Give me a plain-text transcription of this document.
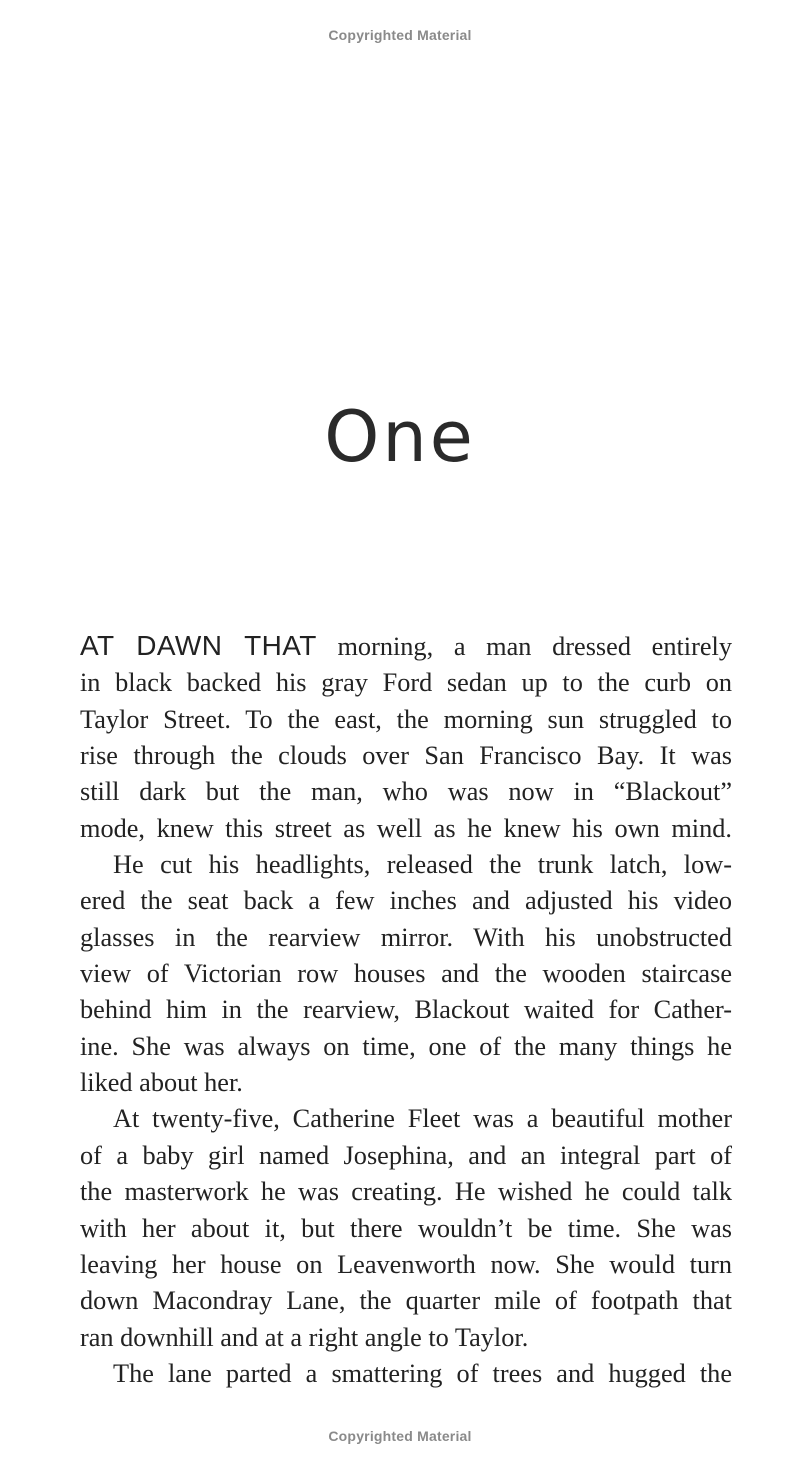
Copyrighted Material
One
AT DAWN THAT morning, a man dressed entirely
in black backed his gray Ford sedan up to the curb on
Taylor Street. To the east, the morning sun struggled to
rise through the clouds over San Francisco Bay. It was
still dark but the man, who was now in “Blackout”
mode, knew this street as well as he knew his own mind.
He cut his headlights, released the trunk latch, low-
ered the seat back a few inches and adjusted his video
glasses in the rearview mirror. With his unobstructed
view of Victorian row houses and the wooden staircase
behind him in the rearview, Blackout waited for Cather-
ine. She was always on time, one of the many things he
liked about her.
At twenty-five, Catherine Fleet was a beautiful mother
of a baby girl named Josephina, and an integral part of
the masterwork he was creating. He wished he could talk
with her about it, but there wouldn’t be time. She was
leaving her house on Leavenworth now. She would turn
down Macondray Lane, the quarter mile of footpath that
ran downhill and at a right angle to Taylor.
The lane parted a smattering of trees and hugged the
Copyrighted Material
